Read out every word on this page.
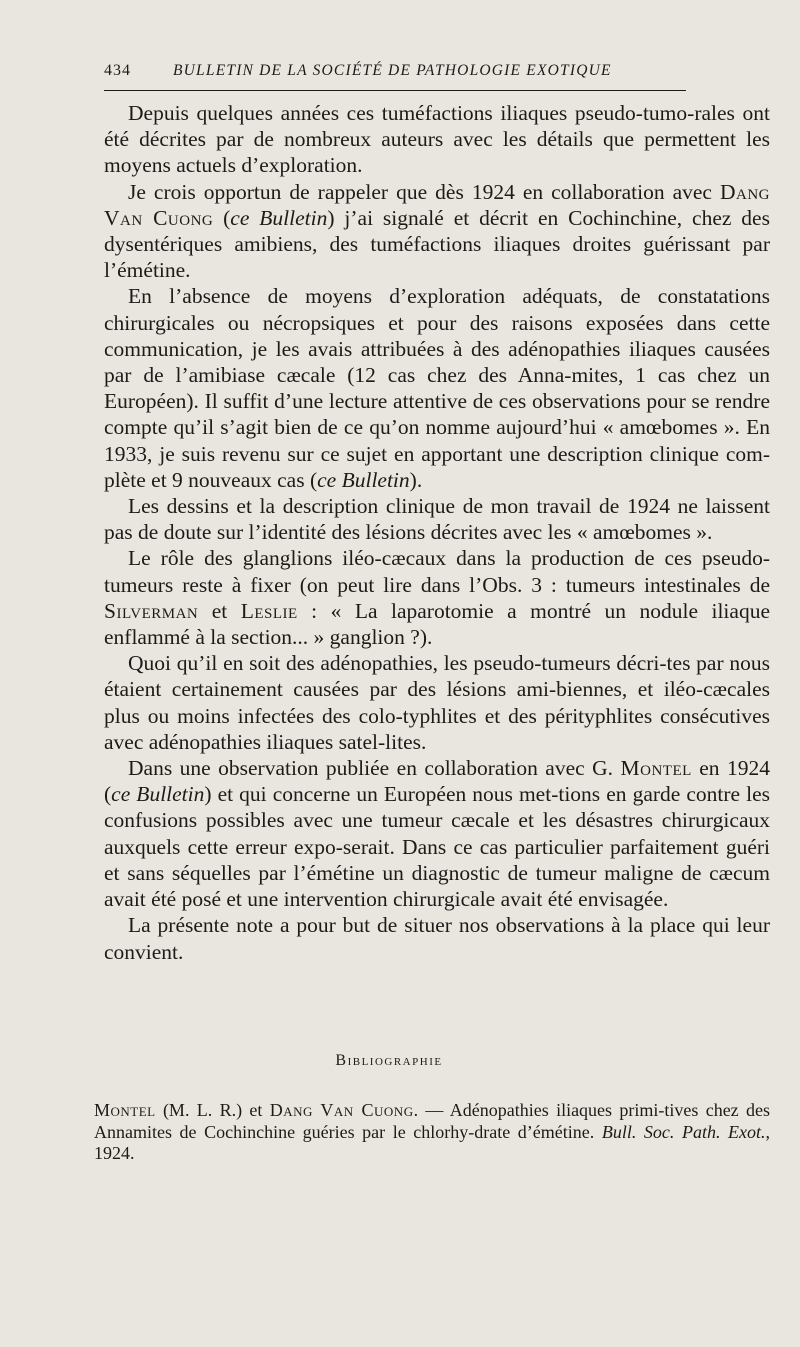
434	BULLETIN DE LA SOCIÉTÉ DE PATHOLOGIE EXOTIQUE

Depuis quelques années ces tuméfactions iliaques pseudo-tumo-rales ont été décrites par de nombreux auteurs avec les détails que permettent les moyens actuels d’exploration.

Je crois opportun de rappeler que dès 1924 en collaboration avec Dang Van Cuong (ce Bulletin) j’ai signalé et décrit en Cochinchine, chez des dysentériques amibiens, des tuméfactions iliaques droites guérissant par l’émétine.

En l’absence de moyens d’exploration adéquats, de constatations chirurgicales ou nécropsiques et pour des raisons exposées dans cette communication, je les avais attribuées à des adénopathies iliaques causées par de l’amibiase cæcale (12 cas chez des Anna-mites, 1 cas chez un Européen). Il suffit d’une lecture attentive de ces observations pour se rendre compte qu’il s’agit bien de ce qu’on nomme aujourd’hui « amœbomes ». En 1933, je suis revenu sur ce sujet en apportant une description clinique com-plète et 9 nouveaux cas (ce Bulletin).

Les dessins et la description clinique de mon travail de 1924 ne laissent pas de doute sur l’identité des lésions décrites avec les « amœbomes ».

Le rôle des glanglions iléo-cæcaux dans la production de ces pseudo-tumeurs reste à fixer (on peut lire dans l’Obs. 3 : tumeurs intestinales de Silverman et Leslie : « La laparotomie a montré un nodule iliaque enflammé à la section... » ganglion ?).

Quoi qu’il en soit des adénopathies, les pseudo-tumeurs décri-tes par nous étaient certainement causées par des lésions ami-biennes, et iléo-cæcales plus ou moins infectées des colo-typhlites et des pérityphlites consécutives avec adénopathies iliaques satel-lites.

Dans une observation publiée en collaboration avec G. Montel en 1924 (ce Bulletin) et qui concerne un Européen nous met-tions en garde contre les confusions possibles avec une tumeur cæcale et les désastres chirurgicaux auxquels cette erreur expo-serait. Dans ce cas particulier parfaitement guéri et sans séquelles par l’émétine un diagnostic de tumeur maligne de cæcum avait été posé et une intervention chirurgicale avait été envisagée.

La présente note a pour but de situer nos observations à la place qui leur convient.

Bibliographie
Montel (M. L. R.) et Dang Van Cuong. — Adénopathies iliaques primi-tives chez des Annamites de Cochinchine guéries par le chlorhy-drate d’émétine. Bull. Soc. Path. Exot., 1924.
